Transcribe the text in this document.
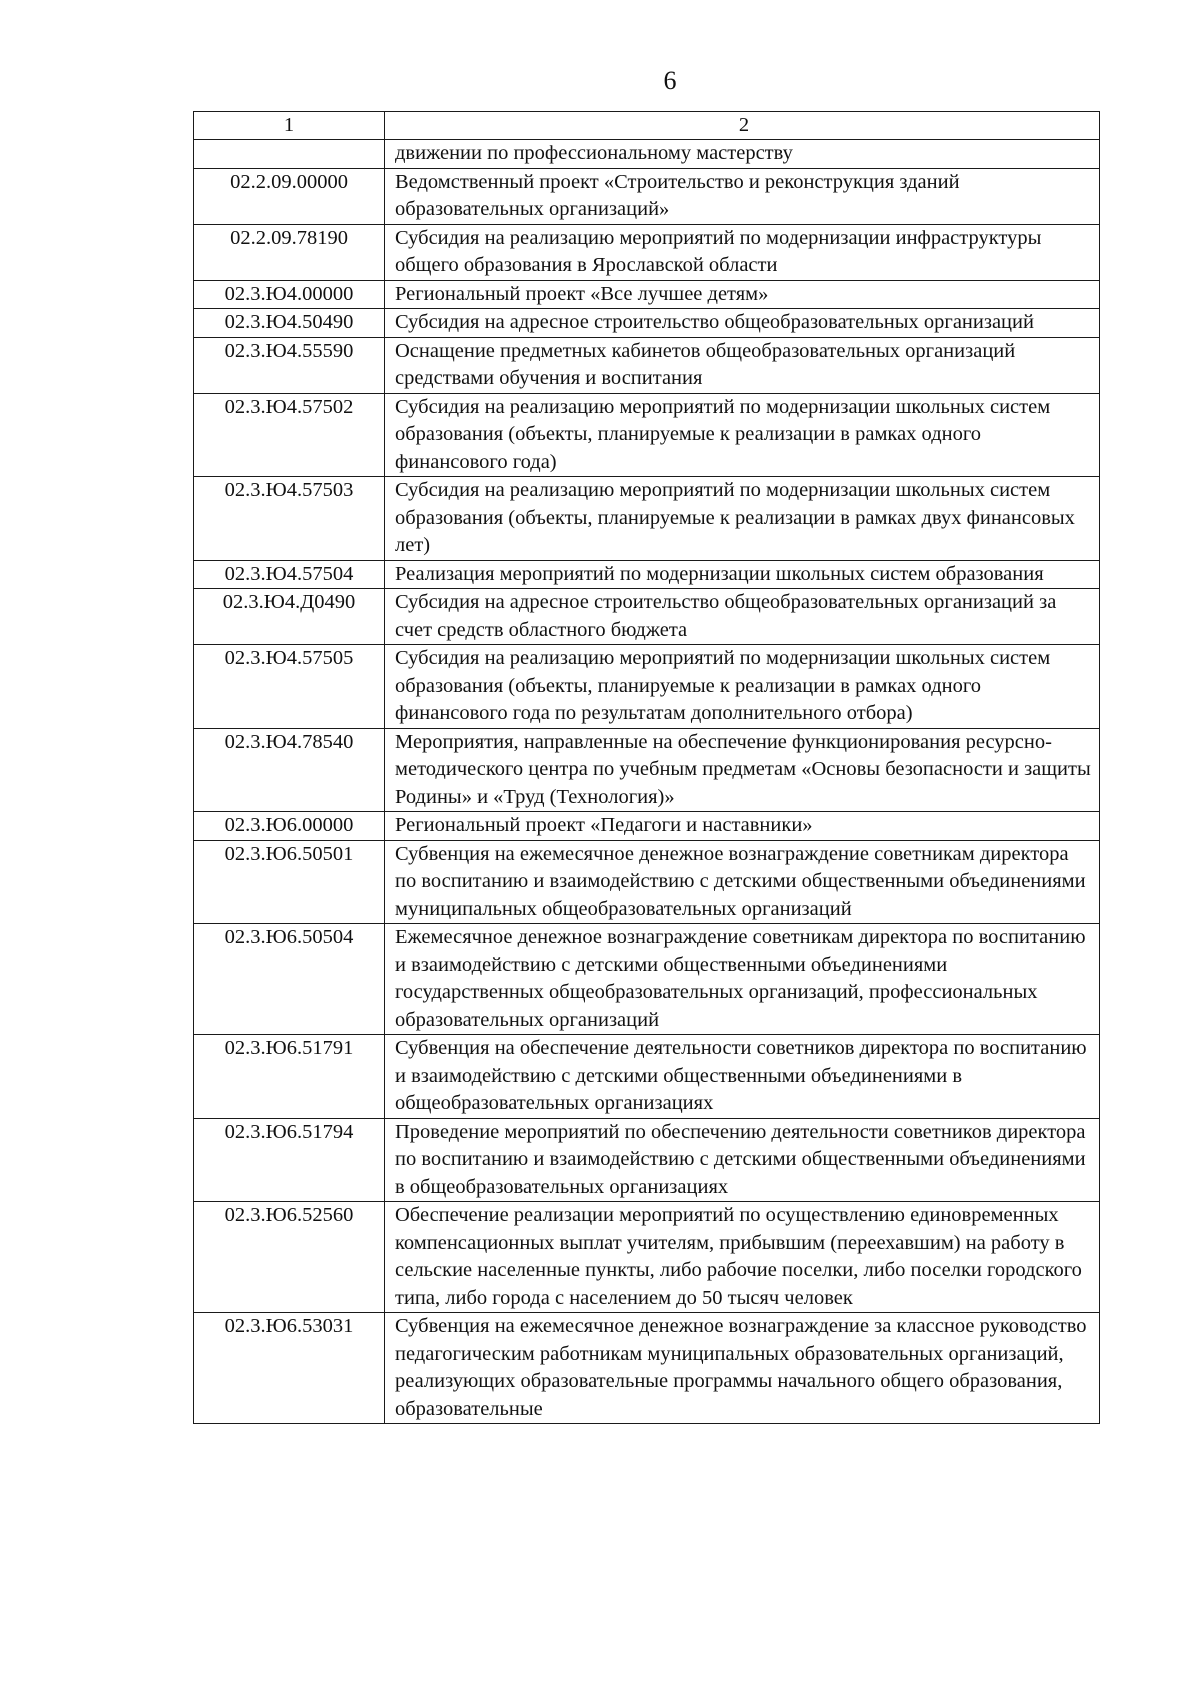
6
1	2
	движении по профессиональному мастерству
02.2.09.00000	Ведомственный проект «Строительство и реконструкция зданий образовательных организаций»
02.2.09.78190	Субсидия на реализацию мероприятий по модернизации инфраструктуры общего образования в Ярославской области
02.3.Ю4.00000	Региональный проект «Все лучшее детям»
02.3.Ю4.50490	Субсидия на адресное строительство общеобразовательных организаций
02.3.Ю4.55590	Оснащение предметных кабинетов общеобразовательных организаций средствами обучения и воспитания
02.3.Ю4.57502	Субсидия на реализацию мероприятий по модернизации школьных систем образования (объекты, планируемые к реализации в рамках одного финансового года)
02.3.Ю4.57503	Субсидия на реализацию мероприятий по модернизации школьных систем образования (объекты, планируемые к реализации в рамках двух финансовых лет)
02.3.Ю4.57504	Реализация мероприятий по модернизации школьных систем образования
02.3.Ю4.Д0490	Субсидия на адресное строительство общеобразовательных организаций за счет средств областного бюджета
02.3.Ю4.57505	Субсидия на реализацию мероприятий по модернизации школьных систем образования (объекты, планируемые к реализации в рамках одного финансового года по результатам дополнительного отбора)
02.3.Ю4.78540	Мероприятия, направленные на обеспечение функционирования ресурсно-методического центра по учебным предметам «Основы безопасности и защиты Родины» и «Труд (Технология)»
02.3.Ю6.00000	Региональный проект «Педагоги и наставники»
02.3.Ю6.50501	Субвенция на ежемесячное денежное вознаграждение советникам директора по воспитанию и взаимодействию с детскими общественными объединениями муниципальных общеобразовательных организаций
02.3.Ю6.50504	Ежемесячное денежное вознаграждение советникам директора по воспитанию и взаимодействию с детскими общественными объединениями государственных общеобразовательных организаций, профессиональных образовательных организаций
02.3.Ю6.51791	Субвенция на обеспечение деятельности советников директора по воспитанию и взаимодействию с детскими общественными объединениями в общеобразовательных организациях
02.3.Ю6.51794	Проведение мероприятий по обеспечению деятельности советников директора по воспитанию и взаимодействию с детскими общественными объединениями в общеобразовательных организациях
02.3.Ю6.52560	Обеспечение реализации мероприятий по осуществлению единовременных компенсационных выплат учителям, прибывшим (переехавшим) на работу в сельские населенные пункты, либо рабочие поселки, либо поселки городского типа, либо города с населением до 50 тысяч человек
02.3.Ю6.53031	Субвенция на ежемесячное денежное вознаграждение за классное руководство педагогическим работникам муниципальных образовательных организаций, реализующих образовательные программы начального общего образования, образовательные
